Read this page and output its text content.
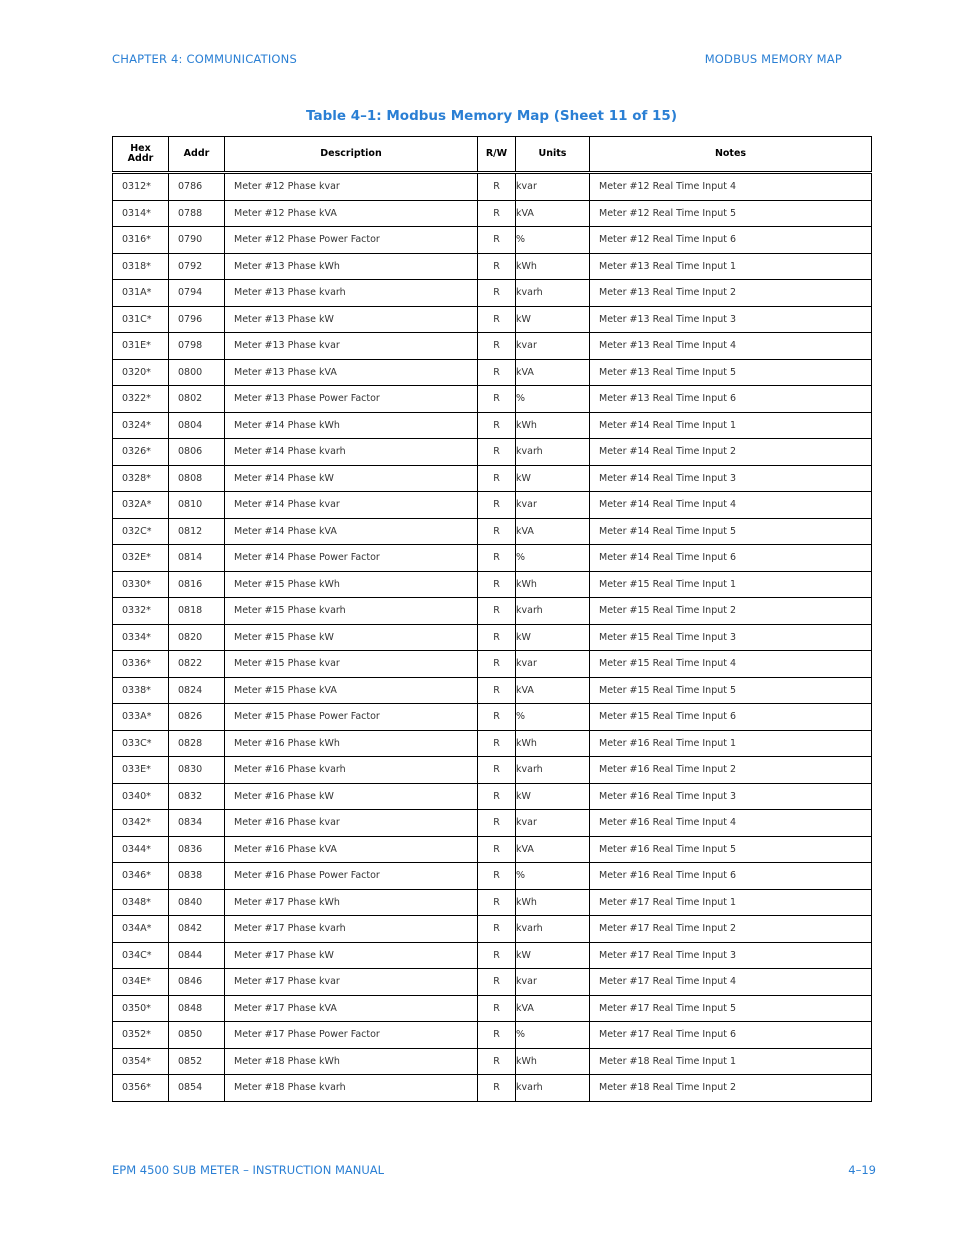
CHAPTER 4: COMMUNICATIONS	MODBUS MEMORY MAP
Table 4–1: Modbus Memory Map (Sheet 11 of 15)
Hex Addr	Addr	Description	R/W	Units	Notes
0312*	0786	Meter #12 Phase kvar	R	kvar	Meter #12 Real Time Input 4
0314*	0788	Meter #12 Phase kVA	R	kVA	Meter #12 Real Time Input 5
0316*	0790	Meter #12 Phase Power Factor	R	%	Meter #12 Real Time Input 6
0318*	0792	Meter #13 Phase kWh	R	kWh	Meter #13 Real Time Input 1
031A*	0794	Meter #13 Phase kvarh	R	kvarh	Meter #13 Real Time Input 2
031C*	0796	Meter #13 Phase kW	R	kW	Meter #13 Real Time Input 3
031E*	0798	Meter #13 Phase kvar	R	kvar	Meter #13 Real Time Input 4
0320*	0800	Meter #13 Phase kVA	R	kVA	Meter #13 Real Time Input 5
0322*	0802	Meter #13 Phase Power Factor	R	%	Meter #13 Real Time Input 6
0324*	0804	Meter #14 Phase kWh	R	kWh	Meter #14 Real Time Input 1
0326*	0806	Meter #14 Phase kvarh	R	kvarh	Meter #14 Real Time Input 2
0328*	0808	Meter #14 Phase kW	R	kW	Meter #14 Real Time Input 3
032A*	0810	Meter #14 Phase kvar	R	kvar	Meter #14 Real Time Input 4
032C*	0812	Meter #14 Phase kVA	R	kVA	Meter #14 Real Time Input 5
032E*	0814	Meter #14 Phase Power Factor	R	%	Meter #14 Real Time Input 6
0330*	0816	Meter #15 Phase kWh	R	kWh	Meter #15 Real Time Input 1
0332*	0818	Meter #15 Phase kvarh	R	kvarh	Meter #15 Real Time Input 2
0334*	0820	Meter #15 Phase kW	R	kW	Meter #15 Real Time Input 3
0336*	0822	Meter #15 Phase kvar	R	kvar	Meter #15 Real Time Input 4
0338*	0824	Meter #15 Phase kVA	R	kVA	Meter #15 Real Time Input 5
033A*	0826	Meter #15 Phase Power Factor	R	%	Meter #15 Real Time Input 6
033C*	0828	Meter #16 Phase kWh	R	kWh	Meter #16 Real Time Input 1
033E*	0830	Meter #16 Phase kvarh	R	kvarh	Meter #16 Real Time Input 2
0340*	0832	Meter #16 Phase kW	R	kW	Meter #16 Real Time Input 3
0342*	0834	Meter #16 Phase kvar	R	kvar	Meter #16 Real Time Input 4
0344*	0836	Meter #16 Phase kVA	R	kVA	Meter #16 Real Time Input 5
0346*	0838	Meter #16 Phase Power Factor	R	%	Meter #16 Real Time Input 6
0348*	0840	Meter #17 Phase kWh	R	kWh	Meter #17 Real Time Input 1
034A*	0842	Meter #17 Phase kvarh	R	kvarh	Meter #17 Real Time Input 2
034C*	0844	Meter #17 Phase kW	R	kW	Meter #17 Real Time Input 3
034E*	0846	Meter #17 Phase kvar	R	kvar	Meter #17 Real Time Input 4
0350*	0848	Meter #17 Phase kVA	R	kVA	Meter #17 Real Time Input 5
0352*	0850	Meter #17 Phase Power Factor	R	%	Meter #17 Real Time Input 6
0354*	0852	Meter #18 Phase kWh	R	kWh	Meter #18 Real Time Input 1
0356*	0854	Meter #18 Phase kvarh	R	kvarh	Meter #18 Real Time Input 2
EPM 4500 SUB METER – INSTRUCTION MANUAL	4–19
